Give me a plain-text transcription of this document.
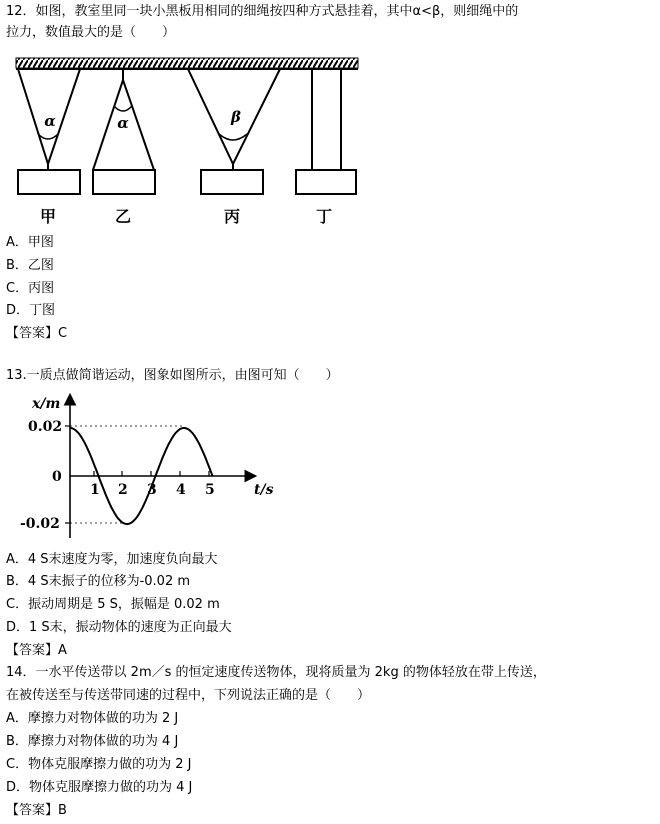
12．如图，教室里同一块小黑板用相同的细绳按四种方式悬挂着，其中α<β，则细绳中的
拉力，数值最大的是（　　）
α	α	β
甲	乙	丙	丁
A．甲图
B．乙图
C．丙图
D．丁图
【答案】C
13.一质点做简谐运动，图象如图所示，由图可知（　　）
x/m
0.02
0
-0.02
1 2 3 4 5	t/s
A．4 S末速度为零，加速度负向最大
B．4 S末振子的位移为-0.02 m
C．振动周期是 5 S，振幅是 0.02 m
D．1 S末，振动物体的速度为正向最大
【答案】A
14．一水平传送带以 2m／s 的恒定速度传送物体，现将质量为 2kg 的物体轻放在带上传送，
在被传送至与传送带同速的过程中，下列说法正确的是（　　）
A．摩擦力对物体做的功为 2 J
B．摩擦力对物体做的功为 4 J
C．物体克服摩擦力做的功为 2 J
D．物体克服摩擦力做的功为 4 J
【答案】B
